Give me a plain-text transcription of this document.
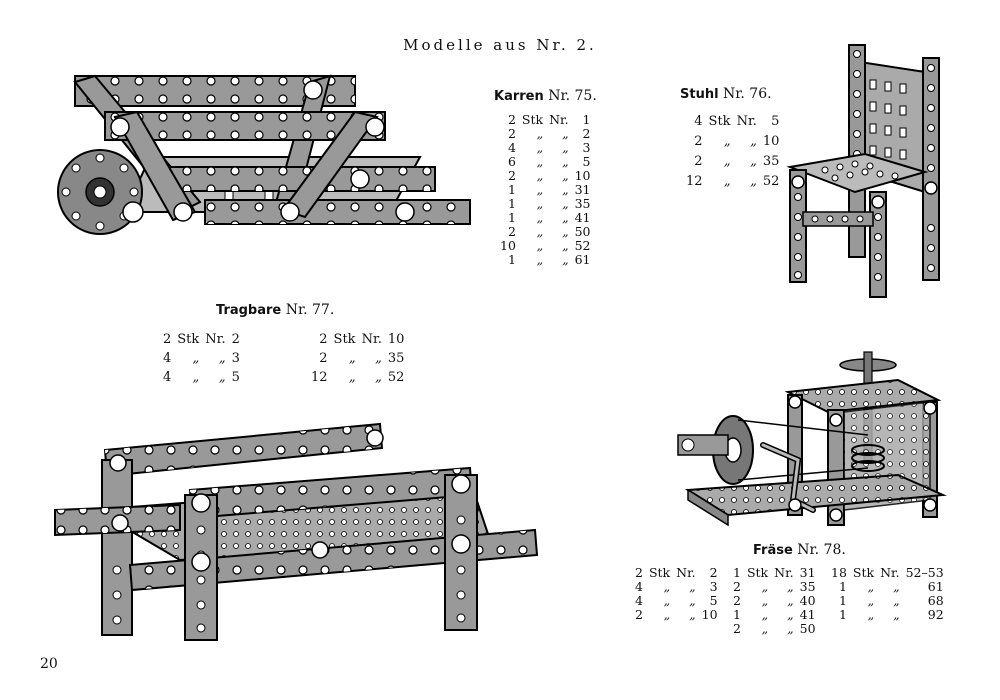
Modelle aus Nr. 2.
Karren Nr. 75.
2	Stk	Nr.	1
2	„	„	2
4	„	„	3
6	„	„	5
2	„	„	10
1	„	„	31
1	„	„	35
1	„	„	41
2	„	„	50
10	„	„	52
1	„	„	61
Stuhl Nr. 76.
4	Stk	Nr.	5
2	„	„	10
2	„	„	35
12	„	„	52
Tragbare Nr. 77.
2	Stk	Nr.	2
4	„	„	3
4	„	„	5
2	Stk	Nr.	10
2	„	„	35
12	„	„	52
Fräse Nr. 78.
2	Stk	Nr.	2
4	„	„	3
4	„	„	5
2	„	„	10
1	Stk	Nr.	31
2	„	„	35
2	„	„	40
1	„	„	41
2	„	„	50
18	Stk	Nr.	52–53
1	„	„	61
1	„	„	68
1	„	„	92
20
